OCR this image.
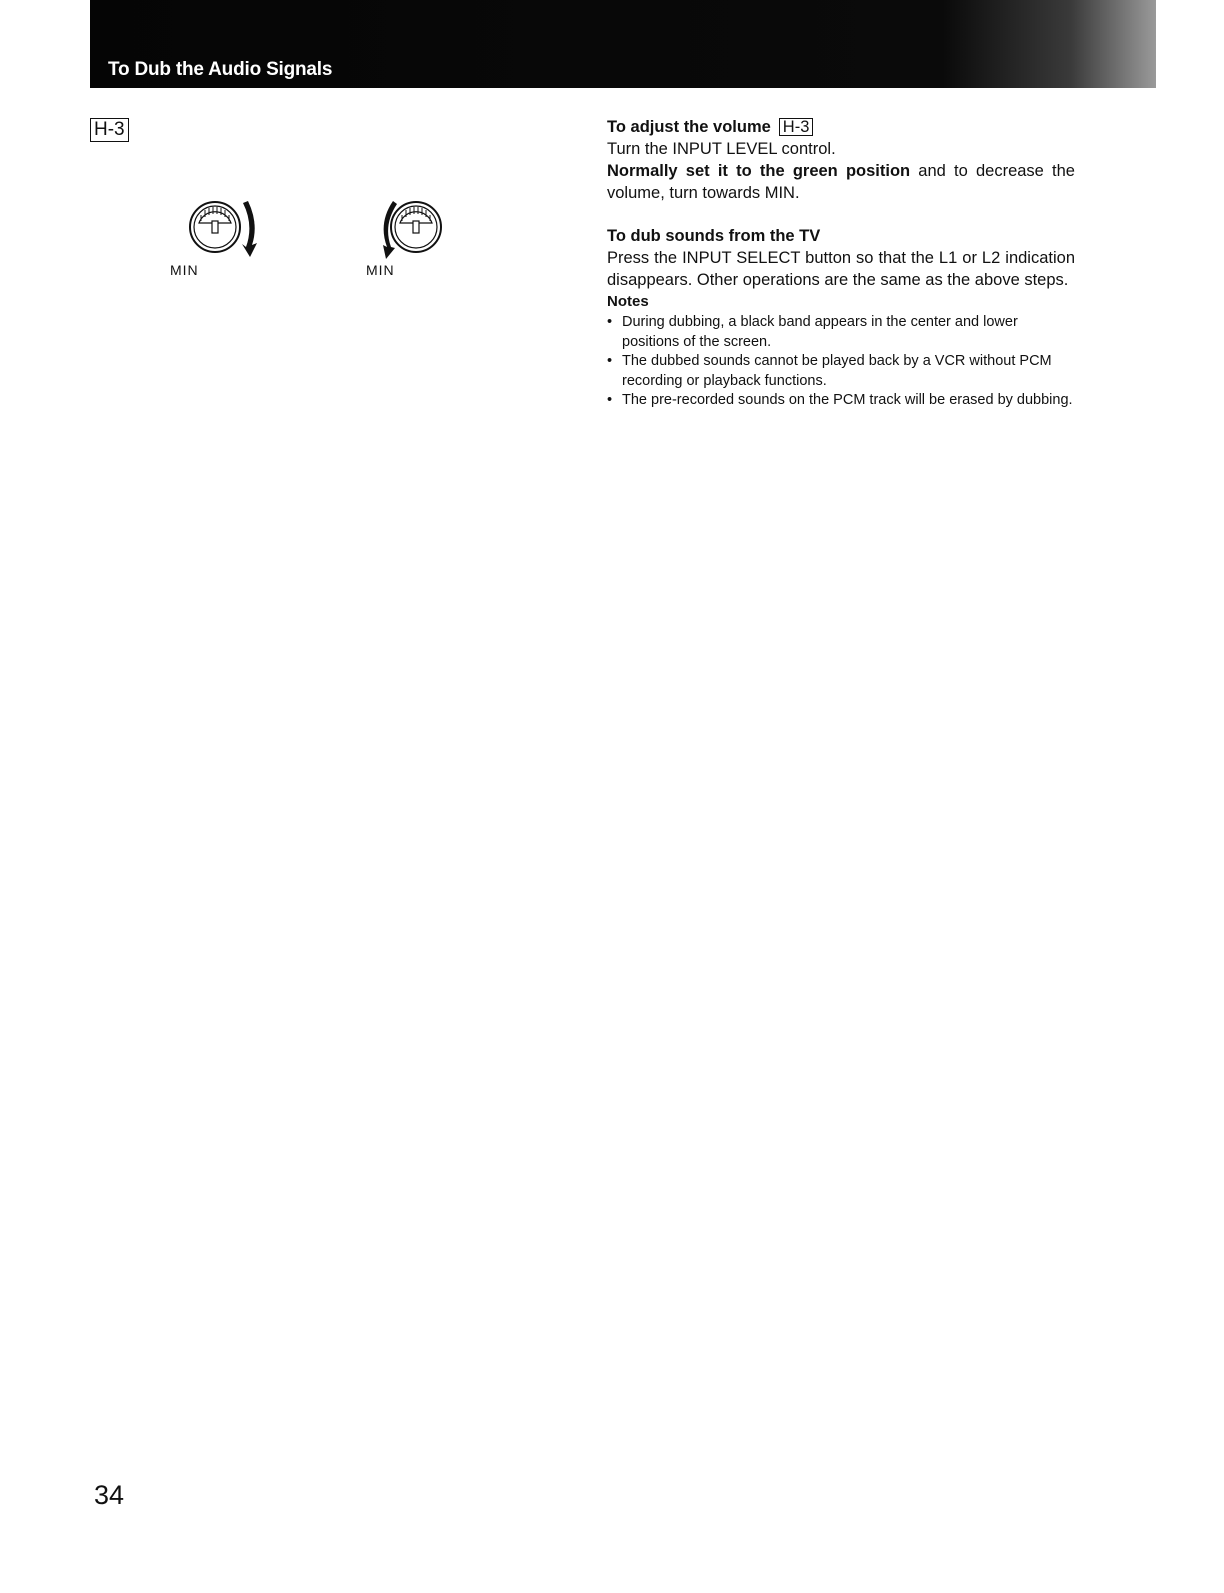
To Dub the Audio Signals
H-3
MIN	MIN

To adjust the volume H-3

Turn the INPUT LEVEL control.

Normally set it to the green position and to decrease the volume, turn towards MIN.

To dub sounds from the TV

Press the INPUT SELECT button so that the L1 or L2 indication disappears. Other operations are the same as the above steps.

Notes

• During dubbing, a black band appears in the center and lower positions of the screen.
• The dubbed sounds cannot be played back by a VCR without PCM recording or playback functions.
• The pre-recorded sounds on the PCM track will be erased by dubbing.
34
